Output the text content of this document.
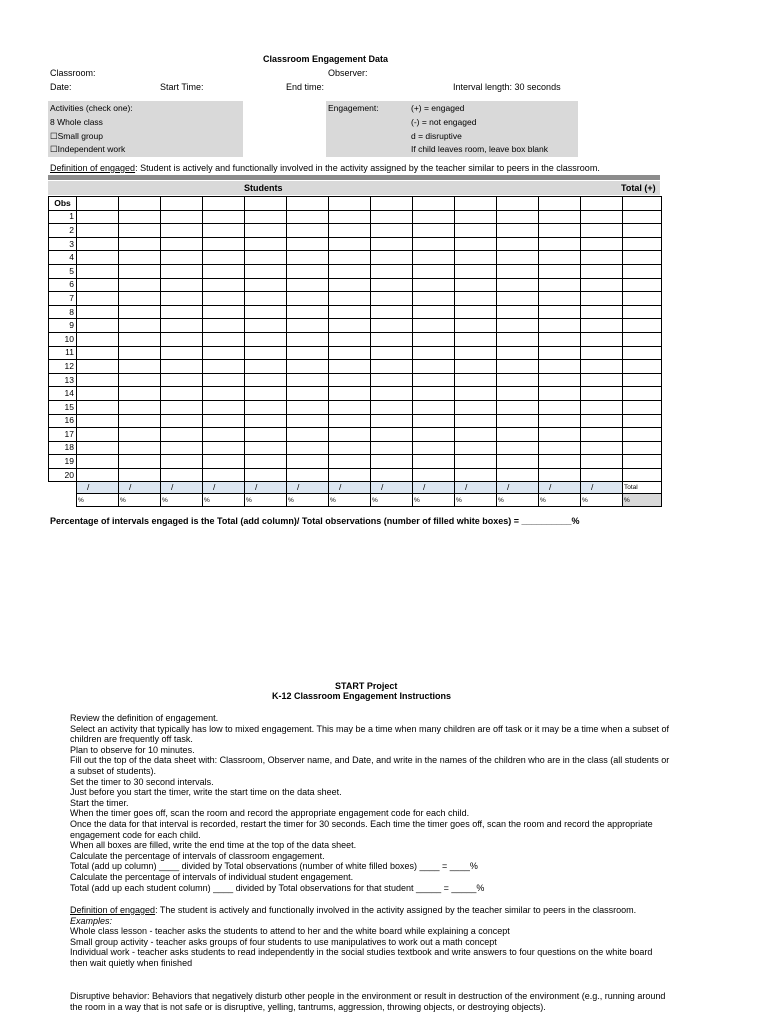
Classroom Engagement Data
Classroom:	Observer:
Date:	Start Time:	End time:	Interval length: 30 seconds
Activities (check one):
8 Whole class
☐Small group
☐Independent work
Engagement:	(+) = engaged
(-) = not engaged
d = disruptive
If child leaves room, leave box blank
Definition of engaged: Student is actively and functionally involved in the activity assigned by the teacher similar to peers in the classroom.
Students	Total (+)
Obs														
1														
2														
3														
4														
5														
6														
7														
8														
9														
10														
11														
12														
13														
14														
15														
16														
17														
18														
19														
20														

	/	/	/	/	/	/	/	/	/	/	/	/	/	Total
	%	%	%	%	%	%	%	%	%	%	%	%	%	%
Percentage of intervals engaged is the Total (add column)/ Total observations (number of filled white boxes) = __________%
START Project
K-12 Classroom Engagement Instructions

Review the definition of engagement.

Select an activity that typically has low to mixed engagement. This may be a time when many children are off task or it may be a time when a subset of children are frequently off task.

Plan to observe for 10 minutes.

Fill out the top of the data sheet with: Classroom, Observer name, and Date, and write in the names of the children who are in the class (all students or a subset of students).

Set the timer to 30 second intervals.

Just before you start the timer, write the start time on the data sheet.

Start the timer.

When the timer goes off, scan the room and record the appropriate engagement code for each child.

Once the data for that interval is recorded, restart the timer for 30 seconds. Each time the timer goes off, scan the room and record the appropriate engagement code for each child.

When all boxes are filled, write the end time at the top of the data sheet.

Calculate the percentage of intervals of classroom engagement.

Total (add up column) ____ divided by Total observations (number of white filled boxes) ____ = ____%

Calculate the percentage of intervals of individual student engagement.

Total (add up each student column) ____ divided by Total observations for that student _____ = _____%

Definition of engaged: The student is actively and functionally involved in the activity assigned by the teacher similar to peers in the classroom.

Examples:

Whole class lesson - teacher asks the students to attend to her and the white board while explaining a concept

Small group activity - teacher asks groups of four students to use manipulatives to work out a math concept

Individual work - teacher asks students to read independently in the social studies textbook and write answers to four questions on the white board then wait quietly when finished

Disruptive behavior: Behaviors that negatively disturb other people in the environment or result in destruction of the environment (e.g., running around the room in a way that is not safe or is disruptive, yelling, tantrums, aggression, throwing objects, or destroying objects).
